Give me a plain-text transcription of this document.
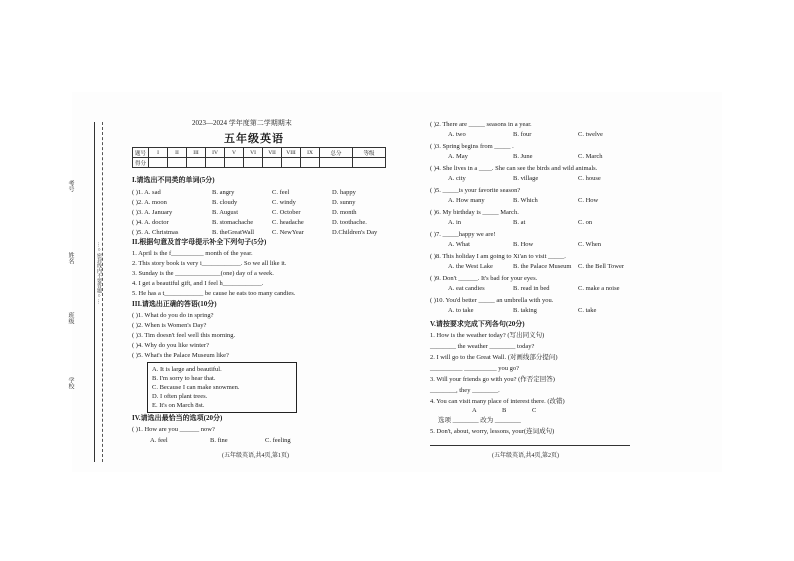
考号
姓名
班级
学校
…○密封线内不要答题○…
2023—2024 学年度第二学期期末
五年级英语
题号	I	II	III	IV	V	VI	VII	VIII	IX	总分	等级
得分											
I.请选出不同类的单词(5分)
( )1. A. sad	B. angry	C. feel	D. happy
( )2. A. moon	B. cloudy	C. windy	D. sunny
( )3. A. January	B. August	C. October	D. month
( )4. A. doctor	B. stomachache	C. headache	D. toothache.
( )5. A. Christmas	B. theGreatWall	C. NewYear	D.Children's Day
II.根据句意及首字母提示补全下列句子(5分)
1. April is the f__________ month of the year.
2. This story book is very i____________. So we all like it.
3. Sunday is the ______________(one) day of a week.
4. I get a beautiful gift, and I feel h____________.
5. He has a t____________ be cause he eats too many candies.
III.请选出正确的答语(10分)
( )1. What do you do in spring?
( )2. When is Women's Day?
( )3. Tim doesn't feel well this morning.
( )4. Why do you like winter?
( )5. What's the Palace Museum like?
A. It is large and beautiful.
B. I'm sorry to hear that.
C. Because I can make snowmen.
D. I often plant trees.
E. It's on March 8st.
IV.请选出最恰当的选项(20分)
( )1. How are you ______ now?
A. feel	B. fine	C. feeling
(五年级英语,共4页,第1页)
( )2. There are _____ seasons in a year.
A. two	B. four	C. twelve
( )3. Spring begins from _____ .
A. May	B. June	C. March
( )4. She lives in a ____. She can see the birds and wild animals.
A. city	B. village	C. house
( )5. _____is your favorite season?
A. How many	B. Which	C. How
( )6. My birthday is _____ March.
A. in	B. at	C. on
( )7. _____happy we are!
A. What	B. How	C. When
( )8. This holiday I am going to Xi'an to visit _____.
A. the West Lake	B. the Palace Museum C. the Bell Tower
( )9. Don't ______. It's bad for your eyes.
A. eat candies	B. read in bed	C. make a noise
( )10. You'd better _____ an umbrella with you.
A. to take	B. taking	C. take
V.请按要求完成下列各句(20分)
1. How is the weather today? (写出同义句)
________ the weather ________ today?
2. I will go to the Great Wall. (对画线部分提问)
__________ __________ you go?
3. Will your friends go with you? (作否定回答)
________, they ________.
4. You can visit many place of interest there. (改错)
A	B	C
选项 ________ 改为 ________
5. Don't, about, worry, lessons, your(连词成句)
(五年级英语,共4页,第2页)
